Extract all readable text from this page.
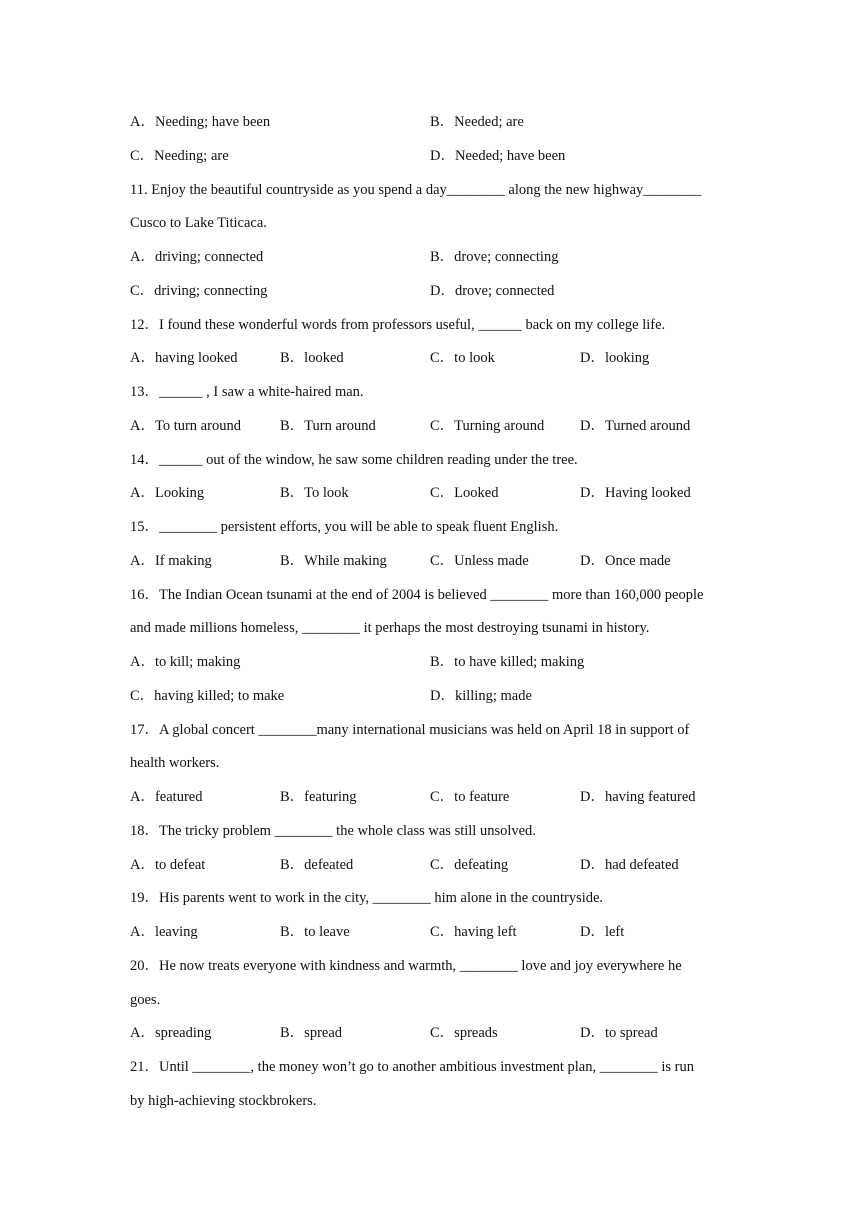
A．Needing; have been	B．Needed; are
C．Needing; are	D．Needed; have been
11. Enjoy the beautiful countryside as you spend a day________ along the new highway________
Cusco to Lake Titicaca.
A．driving; connected	B．drove; connecting
C．driving; connecting	D．drove; connected
12．I found these wonderful words from professors useful, ______ back on my college life.
A．having looked	B．looked	C．to look	D．looking
13．______ , I saw a white-haired man.
A．To turn around	B．Turn around	C．Turning around D．Turned around
14．______ out of the window, he saw some children reading under the tree.
A．Looking	B．To look	C．Looked	D．Having looked
15．________ persistent efforts, you will be able to speak fluent English.
A．If making	B．While making	C．Unless made	D．Once made
16．The Indian Ocean tsunami at the end of 2004 is believed ________ more than 160,000 people
and made millions homeless, ________ it perhaps the most destroying tsunami in history.
A．to kill; making	B．to have killed; making
C．having killed; to make	D．killing; made
17．A global concert ________many international musicians was held on April 18 in support of
health workers.
A．featured	B．featuring	C．to feature	D．having featured
18．The tricky problem ________ the whole class was still unsolved.
A．to defeat	B．defeated	C．defeating	D．had defeated
19．His parents went to work in the city, ________ him alone in the countryside.
A．leaving	B．to leave	C．having left	D．left
20．He now treats everyone with kindness and warmth, ________ love and joy everywhere he
goes.
A．spreading	B．spread	C．spreads	D．to spread
21．Until ________, the money won’t go to another ambitious investment plan, ________ is run
by high-achieving stockbrokers.
